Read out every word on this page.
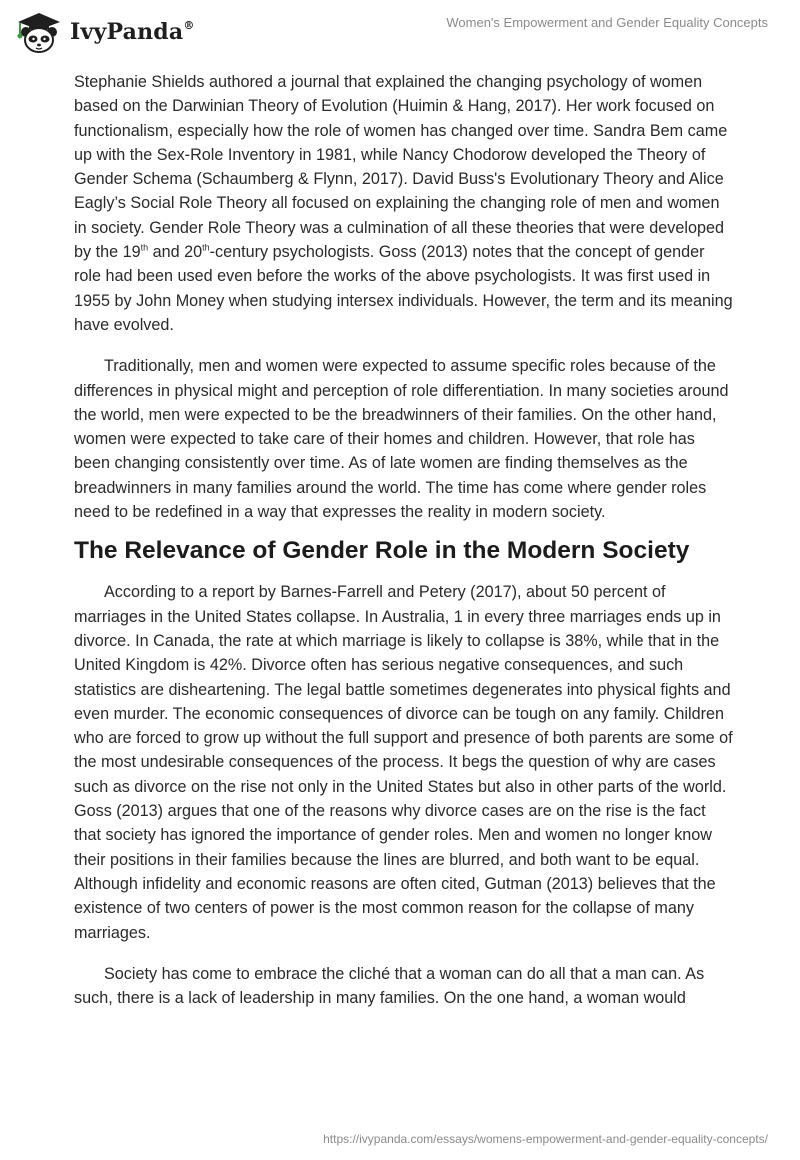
IvyPanda®	Women's Empowerment and Gender Equality Concepts

Stephanie Shields authored a journal that explained the changing psychology of women based on the Darwinian Theory of Evolution (Huimin & Hang, 2017). Her work focused on functionalism, especially how the role of women has changed over time. Sandra Bem came up with the Sex-Role Inventory in 1981, while Nancy Chodorow developed the Theory of Gender Schema (Schaumberg & Flynn, 2017). David Buss's Evolutionary Theory and Alice Eagly’s Social Role Theory all focused on explaining the changing role of men and women in society. Gender Role Theory was a culmination of all these theories that were developed by the 19th and 20th-century psychologists. Goss (2013) notes that the concept of gender role had been used even before the works of the above psychologists. It was first used in 1955 by John Money when studying intersex individuals. However, the term and its meaning have evolved.

Traditionally, men and women were expected to assume specific roles because of the differences in physical might and perception of role differentiation. In many societies around the world, men were expected to be the breadwinners of their families. On the other hand, women were expected to take care of their homes and children. However, that role has been changing consistently over time. As of late women are finding themselves as the breadwinners in many families around the world. The time has come where gender roles need to be redefined in a way that expresses the reality in modern society.

The Relevance of Gender Role in the Modern Society

According to a report by Barnes-Farrell and Petery (2017), about 50 percent of marriages in the United States collapse. In Australia, 1 in every three marriages ends up in divorce. In Canada, the rate at which marriage is likely to collapse is 38%, while that in the United Kingdom is 42%. Divorce often has serious negative consequences, and such statistics are disheartening. The legal battle sometimes degenerates into physical fights and even murder. The economic consequences of divorce can be tough on any family. Children who are forced to grow up without the full support and presence of both parents are some of the most undesirable consequences of the process. It begs the question of why are cases such as divorce on the rise not only in the United States but also in other parts of the world. Goss (2013) argues that one of the reasons why divorce cases are on the rise is the fact that society has ignored the importance of gender roles. Men and women no longer know their positions in their families because the lines are blurred, and both want to be equal. Although infidelity and economic reasons are often cited, Gutman (2013) believes that the existence of two centers of power is the most common reason for the collapse of many marriages.

Society has come to embrace the cliché that a woman can do all that a man can. As such, there is a lack of leadership in many families. On the one hand, a woman would

https://ivypanda.com/essays/womens-empowerment-and-gender-equality-concepts/
